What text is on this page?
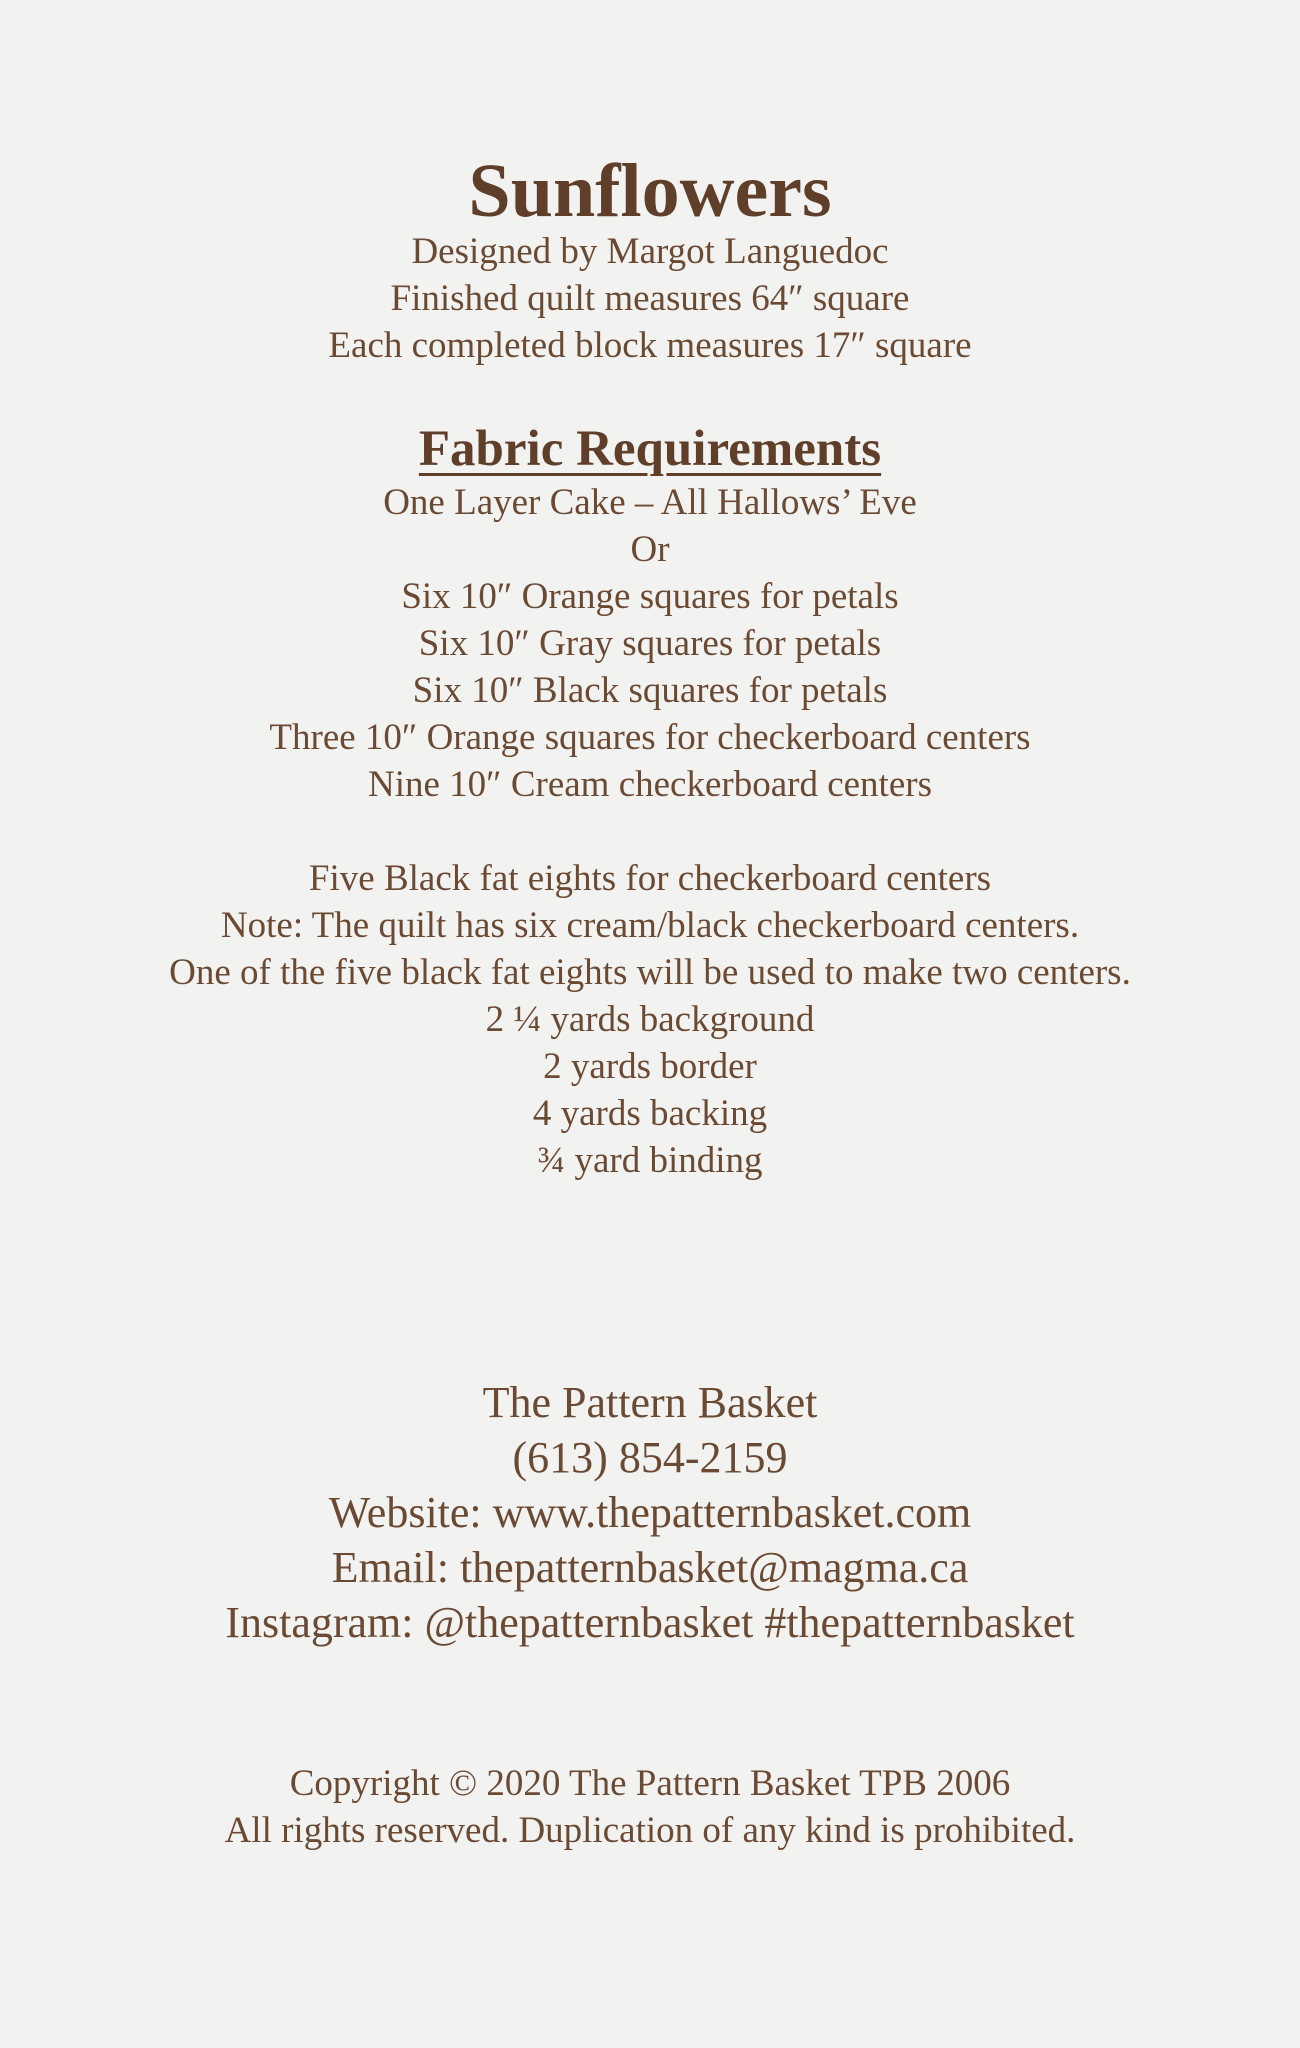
Sunflowers
Designed by Margot Languedoc
Finished quilt measures 64″ square
Each completed block measures 17″ square
Fabric Requirements
One Layer Cake – All Hallows’ Eve
Or
Six 10″ Orange squares for petals
Six 10″ Gray squares for petals
Six 10″ Black squares for petals
Three 10″ Orange squares for checkerboard centers
Nine 10″ Cream checkerboard centers
Five Black fat eights for checkerboard centers
Note: The quilt has six cream/black checkerboard centers.
One of the five black fat eights will be used to make two centers.
2 ¼ yards background
2 yards border
4 yards backing
¾ yard binding
The Pattern Basket
(613) 854-2159
Website: www.thepatternbasket.com
Email: thepatternbasket@magma.ca
Instagram: @thepatternbasket #thepatternbasket
Copyright © 2020 The Pattern Basket TPB 2006
All rights reserved. Duplication of any kind is prohibited.
